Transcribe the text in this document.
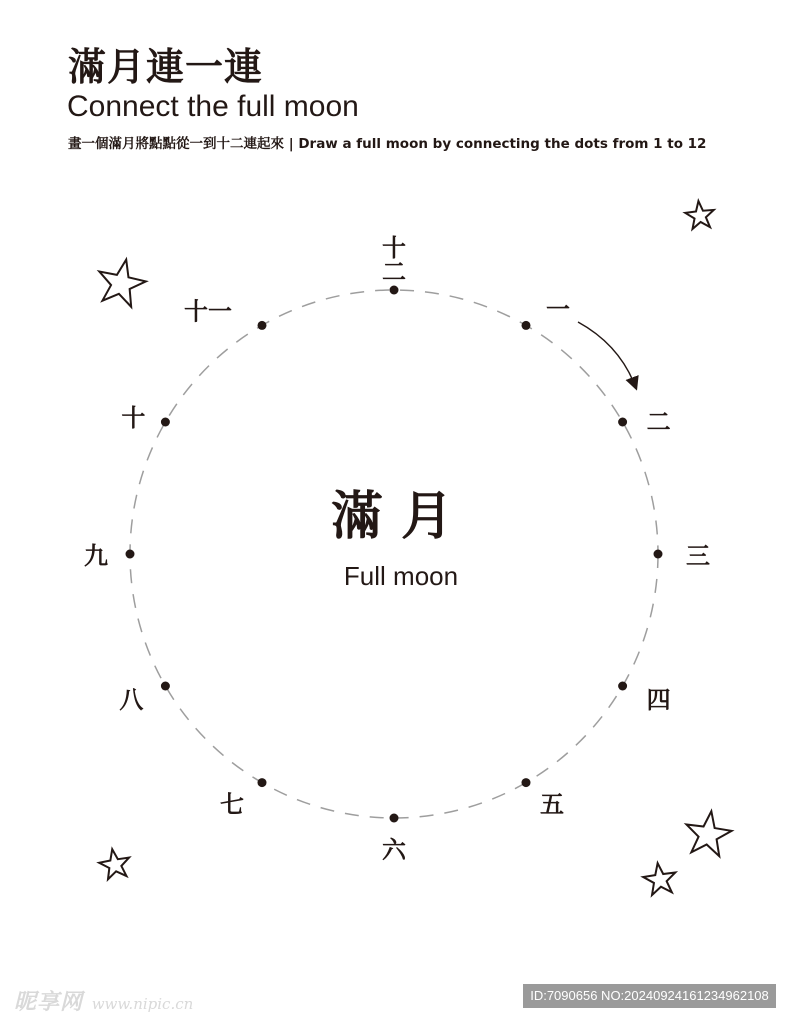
滿月連一連
Connect the full moon
畫一個滿月將點點從一到十二連起來 | Draw a full moon by connecting the dots from 1 to 12
一
二
三
四
五
六
七
八
九
十
十一
十二
滿 月
Full moon
昵享网 www.nipic.cn	ID:7090656 NO:20240924161234962108
